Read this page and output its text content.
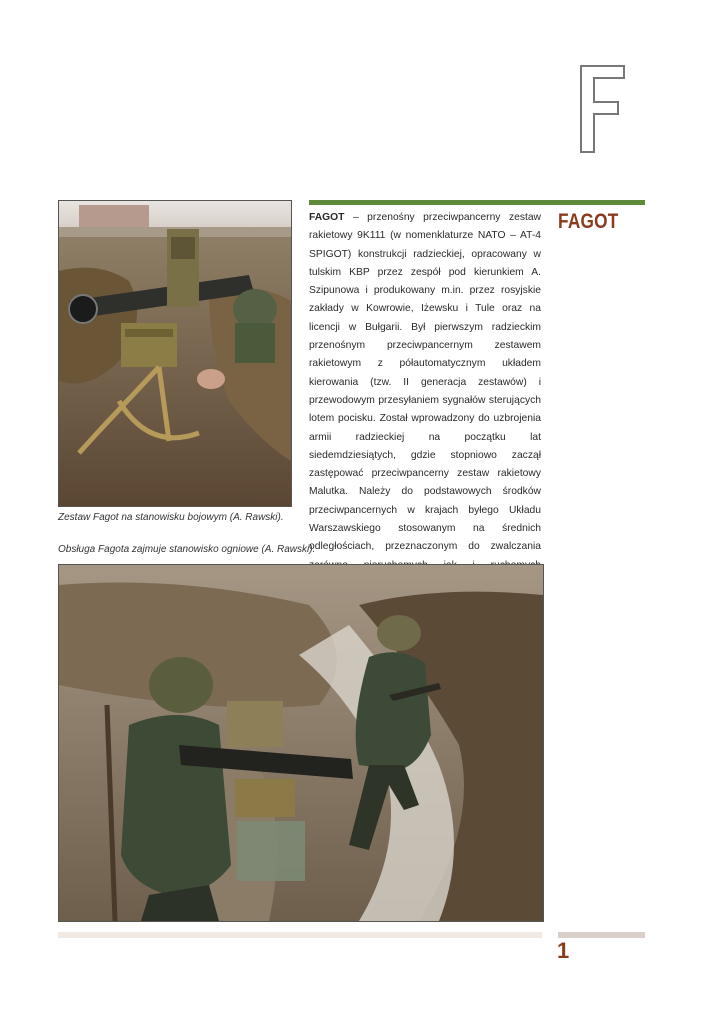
FAGOT
FAGOT – przenośny przeciwpancerny zestaw rakietowy 9K111 (w nomenklaturze NATO – AT-4 SPIGOT) konstrukcji radzieckiej, opracowany w tulskim KBP przez zespół pod kierunkiem A. Szipunowa i produkowany m.in. przez rosyjskie zakłady w Kowrowie, Iżewsku i Tule oraz na licencji w Bułgarii. Był pierwszym radzieckim przenośnym przeciwpancernym zestawem rakietowym z półautomatycznym układem kierowania (tzw. II generacja zestawów) i przewodowym przesyłaniem sygnałów sterujących lotem pocisku. Został wprowadzony do uzbrojenia armii radzieckiej na początku lat siedemdziesiątych, gdzie stopniowo zaczął zastępować przeciwpancerny zestaw rakietowy Malutka. Należy do podstawowych środków przeciwpancernych w krajach byłego Układu Warszawskiego stosowanym na średnich odległościach, przeznaczonym do zwalczania
Zestaw Fagot na stanowisku bojowym (A. Rawski).
Obsługa Fagota zajmuje stanowisko ogniowe (A. Rawski).
1
